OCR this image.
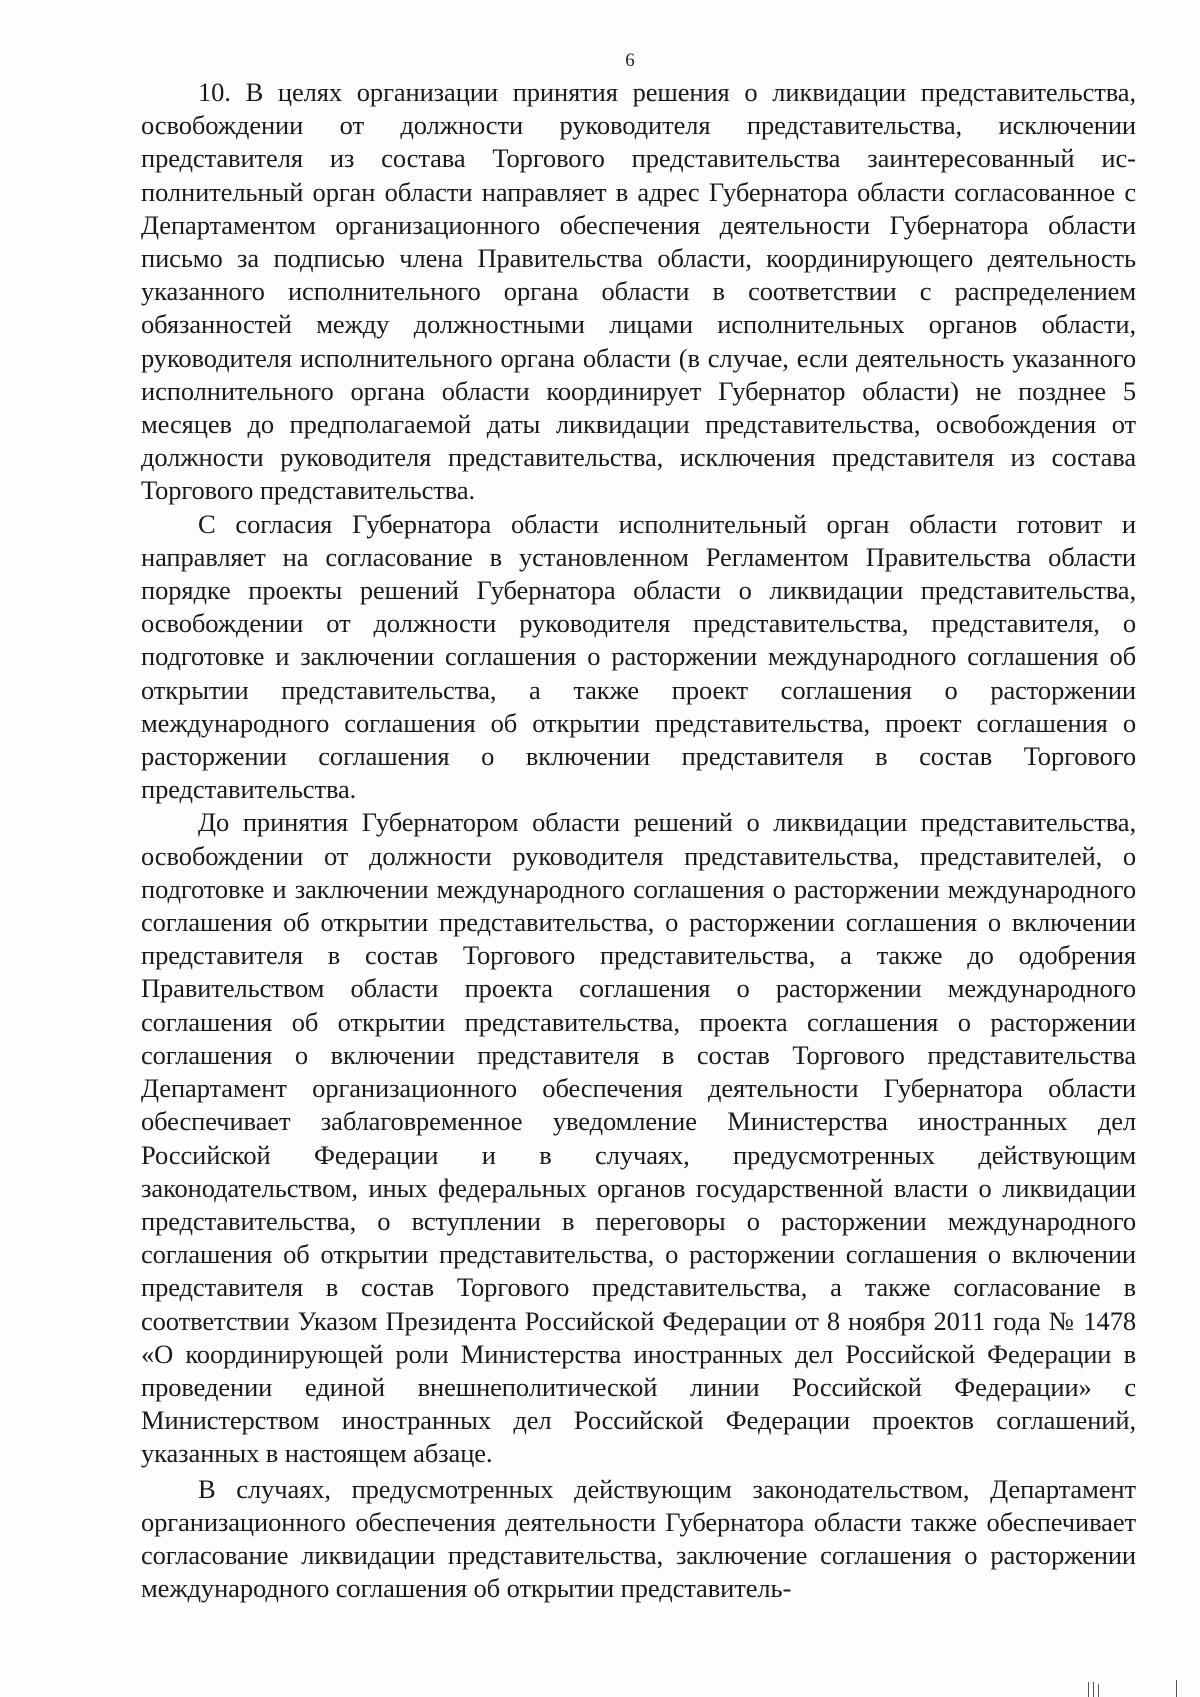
6

10. В целях организации принятия решения о ликвидации представительства, освобождении от должности руководителя представительства, исключении представителя из состава Торгового представительства заинтересованный исполнительный орган области направляет в адрес Губернатора области согласованное с Департаментом организационного обеспечения деятельности Губернатора области письмо за подписью члена Правительства области, координирующего деятельность указанного исполнительного органа области в соответствии с распределением обязанностей между должностными лицами исполнительных органов области, руководителя исполнительного органа области (в случае, если деятельность указанного исполнительного органа области координирует Губернатор области) не позднее 5 месяцев до предполагаемой даты ликвидации представительства, освобождения от должности руководителя представительства, исключения представителя из состава Торгового представительства.

С согласия Губернатора области исполнительный орган области готовит и направляет на согласование в установленном Регламентом Правительства области порядке проекты решений Губернатора области о ликвидации представительства, освобождении от должности руководителя представительства, представителя, о подготовке и заключении соглашения о расторжении международного соглашения об открытии представительства, а также проект соглашения о расторжении международного соглашения об открытии представительства, проект соглашения о расторжении соглашения о включении представителя в состав Торгового представительства.

До принятия Губернатором области решений о ликвидации представительства, освобождении от должности руководителя представительства, представителей, о подготовке и заключении международного соглашения о расторжении международного соглашения об открытии представительства, о расторжении соглашения о включении представителя в состав Торгового представительства, а также до одобрения Правительством области проекта соглашения о расторжении международного соглашения об открытии представительства, проекта соглашения о расторжении соглашения о включении представителя в состав Торгового представительства Департамент организационного обеспечения деятельности Губернатора области обеспечивает заблаговременное уведомление Министерства иностранных дел Российской Федерации и в случаях, предусмотренных действующим законодательством, иных федеральных органов государственной власти о ликвидации представительства, о вступлении в переговоры о расторжении международного соглашения об открытии представительства, о расторжении соглашения о включении представителя в состав Торгового представительства, а также согласование в соответствии Указом Президента Российской Федерации от 8 ноября 2011 года № 1478 «О координирующей роли Министерства иностранных дел Российской Федерации в проведении единой внешнеполитической линии Российской Федерации» с Министерством иностранных дел Российской Федерации проектов соглашений, указанных в настоящем абзаце.

В случаях, предусмотренных действующим законодательством, Департамент организационного обеспечения деятельности Губернатора области также обеспечивает согласование ликвидации представительства, заключение соглашения о расторжении международного соглашения об открытии представитель-
